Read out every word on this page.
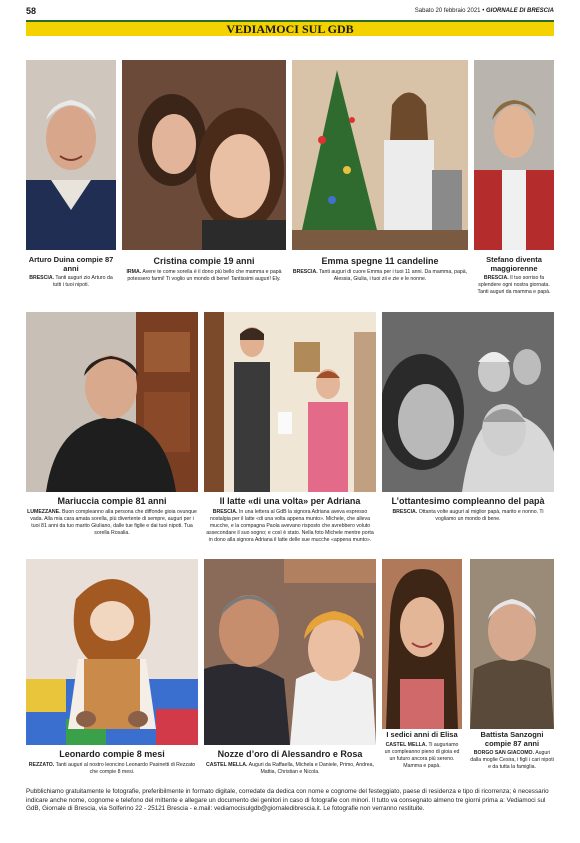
58	Sabato 20 febbraio 2021 • GIORNALE DI BRESCIA
VEDIAMOCI SUL GDB
Arturo Duina compie 87 anni
BRESCIA. Tanti auguri zio Arturo da tutti i tuoi nipoti.
Cristina compie 19 anni
IRMA. Avere te come sorella è il dono più bello che mamma e papà potessero farmi! Ti voglio un mondo di bene! Tantissimi auguri! Ely.
Emma spegne 11 candeline
BRESCIA. Tanti auguri di cuore Emma per i tuoi 11 anni. Da mamma, papà, Alessia, Giulia, i tuoi zii e zie e le nonne.
Stefano diventa maggiorenne
BRESCIA. Il tuo sorriso fa splendere ogni nostra giornata. Tanti auguri da mamma e papà.
Mariuccia compie 81 anni
LUMEZZANE. Buon compleanno alla persona che diffonde gioia ovunque vada. Alla mia cara amata sorella, più divertente di sempre, auguri per i tuoi 81 anni da tuo marito Giuliano, dalle tue figlie e dai tuoi nipoti. Tua sorella Rosalia.
Il latte «di una volta» per Adriana
BRESCIA. In una lettera al GdB la signora Adriana aveva espresso nostalgia per il latte «di una volta appena munto». Michele, che alleva mucche, e la compagna Paola avevano risposto che avrebbero voluto assecondare il suo sogno; e così è stato. Nella foto Michele mentre porta in dono alla signora Adriana il latte delle sue mucche «appena munto».
L’ottantesimo compleanno del papà
BRESCIA. Ottanta volte auguri al miglior papà, marito e nonno. Ti vogliamo un mondo di bene.
Leonardo compie 8 mesi
REZZATO. Tanti auguri al nostro leoncino Leonardo Pasinetti di Rezzato che compie 8 mesi.
Nozze d’oro di Alessandro e Rosa
CASTEL MELLA. Auguri da Raffaella, Michela e Daniele, Primo, Andrea, Mattia, Christian e Nicola.
I sedici anni di Elisa
CASTEL MELLA. Ti auguriamo un compleanno pieno di gioia ed un futuro ancora più sereno. Mamma e papà.
Battista Sanzogni compie 87 anni
BORGO SAN GIACOMO. Auguri dalla moglie Cesira, i figli i cari nipoti e da tutta la famiglia.
Pubblichiamo gratuitamente le fotografie, preferibilmente in formato digitale, corredate da dedica con nome e cognome del festeggiato, paese di residenza e tipo di ricorrenza; è necessario indicare anche nome, cognome e telefono del mittente e allegare un documento dei genitori in caso di fotografie con minori. Il tutto va consegnato almeno tre giorni prima a: Vediamoci sul GdB, Giornale di Brescia, via Solferino 22 - 25121 Brescia - e.mail: vediamocisulgdb@giornaledibrescia.it. Le fotografie non verranno restituite.
